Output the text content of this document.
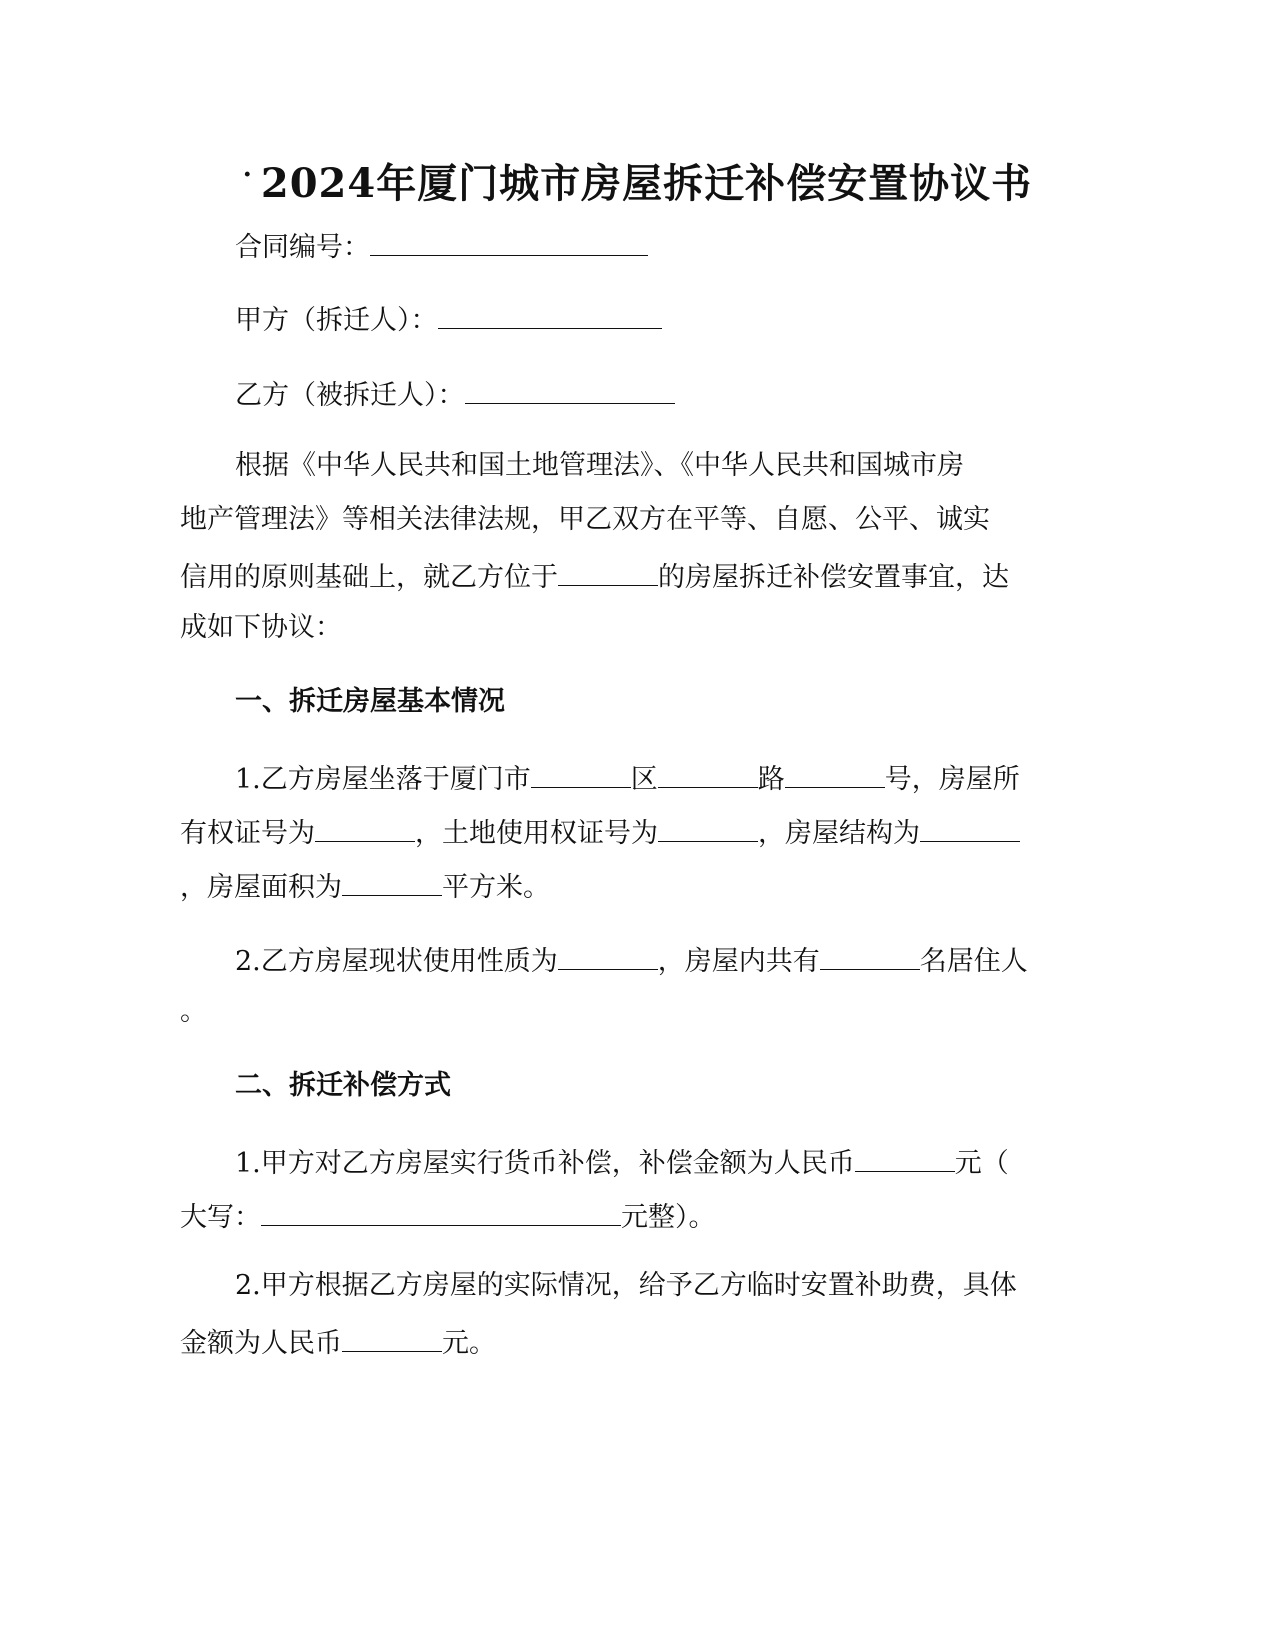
· 2024年厦门城市房屋拆迁补偿安置协议书
合同编号：
甲方（拆迁人）：
乙方（被拆迁人）：
根据《中华人民共和国土地管理法》、《中华人民共和国城市房
地产管理法》等相关法律法规，甲乙双方在平等、自愿、公平、诚实
信用的原则基础上，就乙方位于	的房屋拆迁补偿安置事宜，达
成如下协议：
一、拆迁房屋基本情况
1.乙方房屋坐落于厦门市	区	路	号，房屋所
有权证号为	，土地使用权证号为	，房屋结构为
，房屋面积为	平方米。
2.乙方房屋现状使用性质为	，房屋内共有	名居住人
。
二、拆迁补偿方式
1.甲方对乙方房屋实行货币补偿，补偿金额为人民币	元（
大写：	元整）。
2.甲方根据乙方房屋的实际情况，给予乙方临时安置补助费，具体
金额为人民币	元。
